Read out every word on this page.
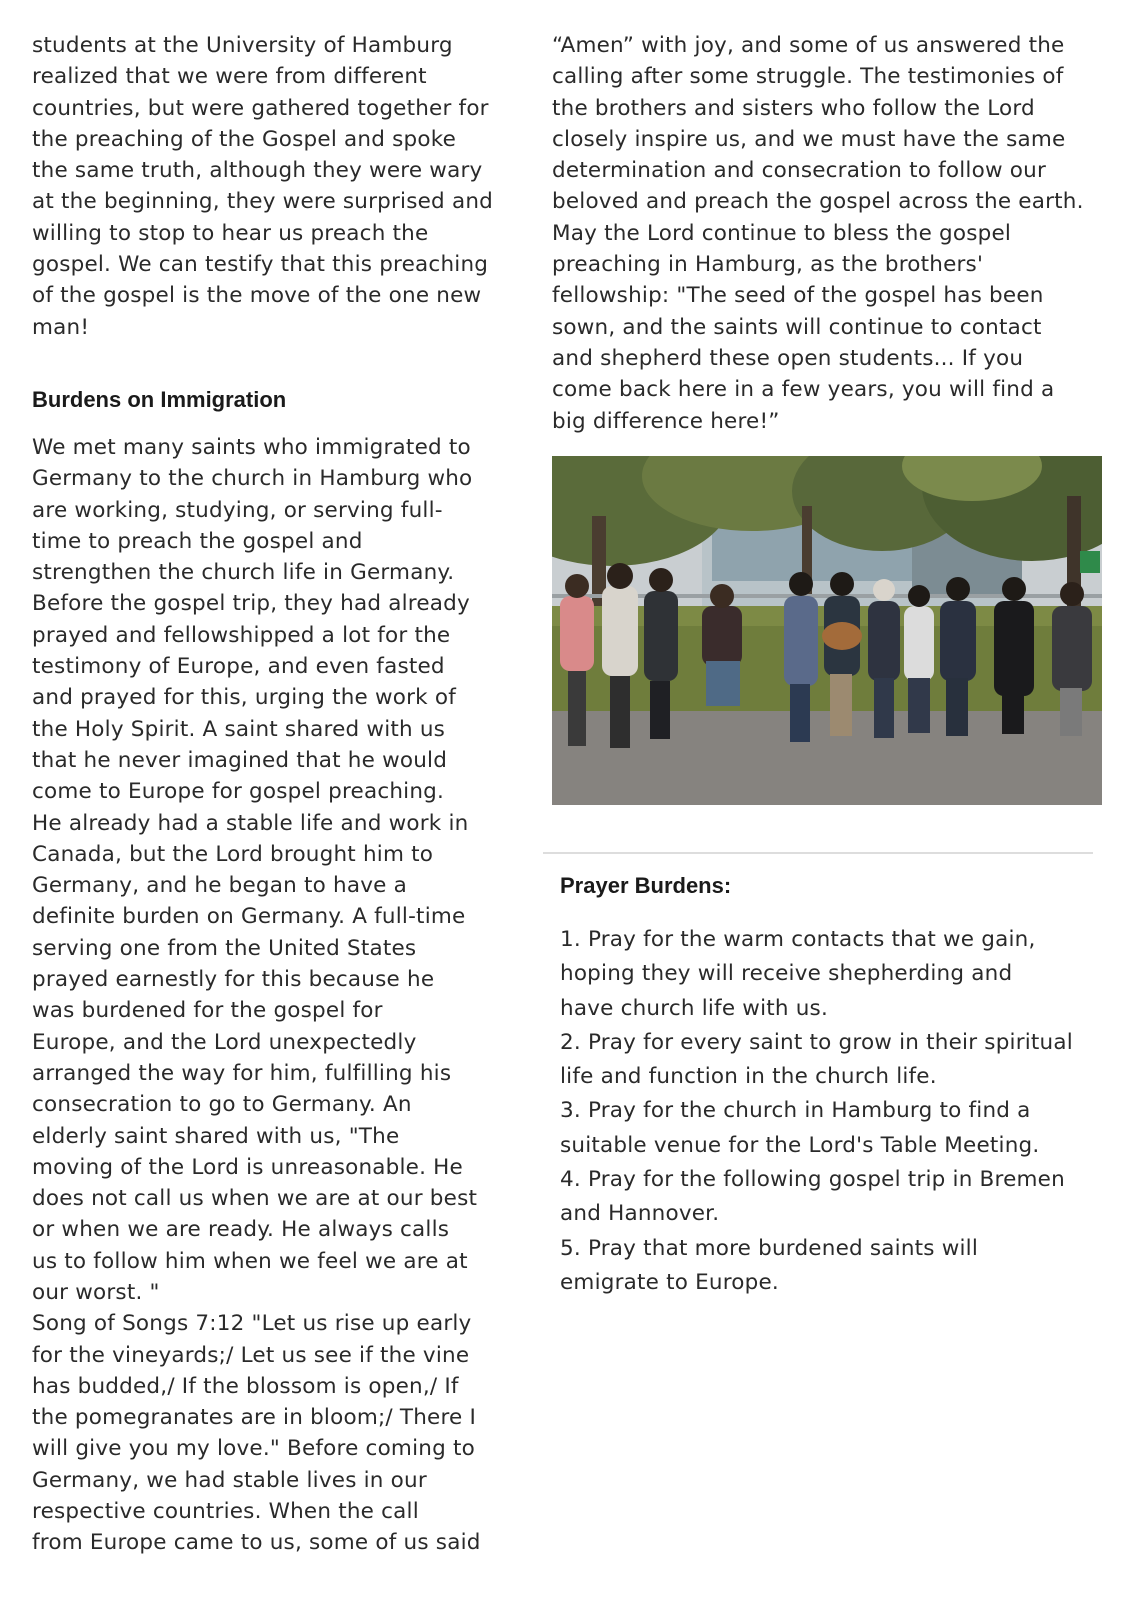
students at the University of Hamburg

realized that we were from different

countries, but were gathered together for

the preaching of the Gospel and spoke

the same truth, although they were wary

at the beginning, they were surprised and

willing to stop to hear us preach the

gospel. We can testify that this preaching

of the gospel is the move of the one new

man!

Burdens on Immigration

We met many saints who immigrated to

Germany to the church in Hamburg who

are working, studying, or serving full-

time to preach the gospel and

strengthen the church life in Germany.

Before the gospel trip, they had already

prayed and fellowshipped a lot for the

testimony of Europe, and even fasted

and prayed for this, urging the work of

the Holy Spirit. A saint shared with us

that he never imagined that he would

come to Europe for gospel preaching.

He already had a stable life and work in

Canada, but the Lord brought him to

Germany, and he began to have a

definite burden on Germany. A full-time

serving one from the United States

prayed earnestly for this because he

was burdened for the gospel for

Europe, and the Lord unexpectedly

arranged the way for him, fulfilling his

consecration to go to Germany. An

elderly saint shared with us, "The

moving of the Lord is unreasonable. He

does not call us when we are at our best

or when we are ready. He always calls

us to follow him when we feel we are at

our worst. "

Song of Songs 7:12 "Let us rise up early

for the vineyards;/ Let us see if the vine

has budded,/ If the blossom is open,/ If

the pomegranates are in bloom;/ There I

will give you my love." Before coming to

Germany, we had stable lives in our

respective countries. When the call

from Europe came to us, some of us said

“Amen” with joy, and some of us answered the

calling after some struggle. The testimonies of

the brothers and sisters who follow the Lord

closely inspire us, and we must have the same

determination and consecration to follow our

beloved and preach the gospel across the earth.

May the Lord continue to bless the gospel

preaching in Hamburg, as the brothers'

fellowship: "The seed of the gospel has been

sown, and the saints will continue to contact

and shepherd these open students... If you

come back here in a few years, you will find a

big difference here!”

Prayer Burdens:

1. Pray for the warm contacts that we gain,

hoping they will receive shepherding and

have church life with us.

2. Pray for every saint to grow in their spiritual

life and function in the church life.

3. Pray for the church in Hamburg to find a

suitable venue for the Lord's Table Meeting.

4. Pray for the following gospel trip in Bremen

and Hannover.

5. Pray that more burdened saints will

emigrate to Europe.
